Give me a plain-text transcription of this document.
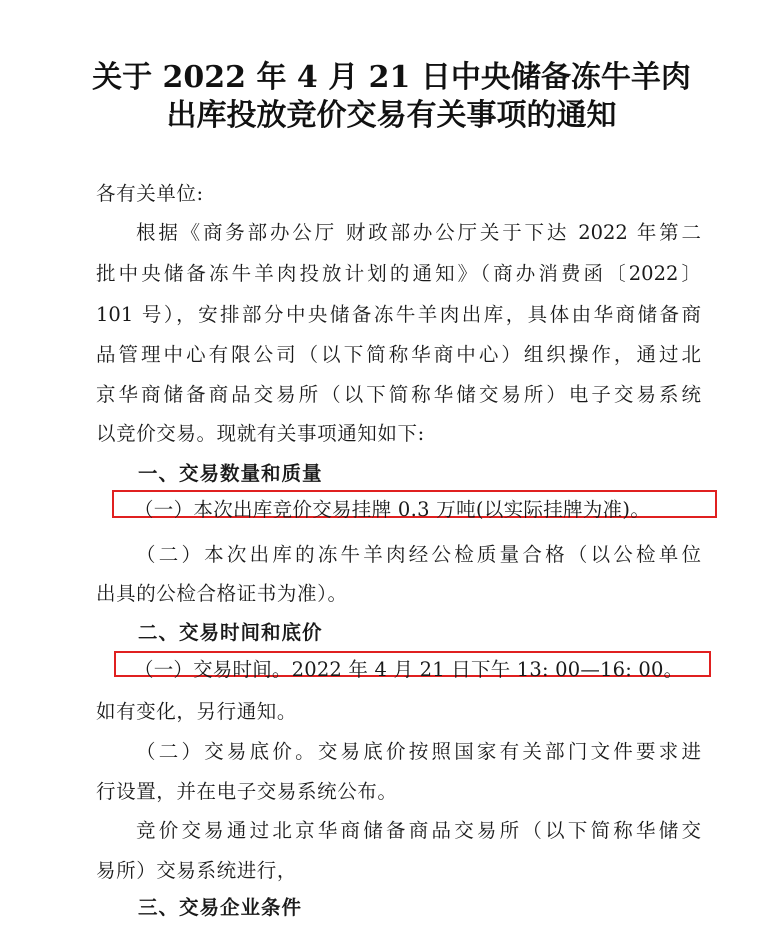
关于 2022 年 4 月 21 日中央储备冻牛羊肉
出库投放竞价交易有关事项的通知
各有关单位:
根据《商务部办公厅 财政部办公厅关于下达 2022 年第二
批中央储备冻牛羊肉投放计划的通知》（商办消费函〔2022〕
101 号），安排部分中央储备冻牛羊肉出库，具体由华商储备商
品管理中心有限公司（以下简称华商中心）组织操作，通过北
京华商储备商品交易所（以下简称华储交易所）电子交易系统
以竞价交易。现就有关事项通知如下:
一、交易数量和质量
（一）本次出库竞价交易挂牌 0.3 万吨(以实际挂牌为准)。
（二）本次出库的冻牛羊肉经公检质量合格（以公检单位
出具的公检合格证书为准）。
二、交易时间和底价
（一）交易时间。2022 年 4 月 21 日下午 13: 00—16: 00。
如有变化，另行通知。
（二）交易底价。交易底价按照国家有关部门文件要求进
行设置，并在电子交易系统公布。
竞价交易通过北京华商储备商品交易所（以下简称华储交
易所）交易系统进行，
三、交易企业条件
